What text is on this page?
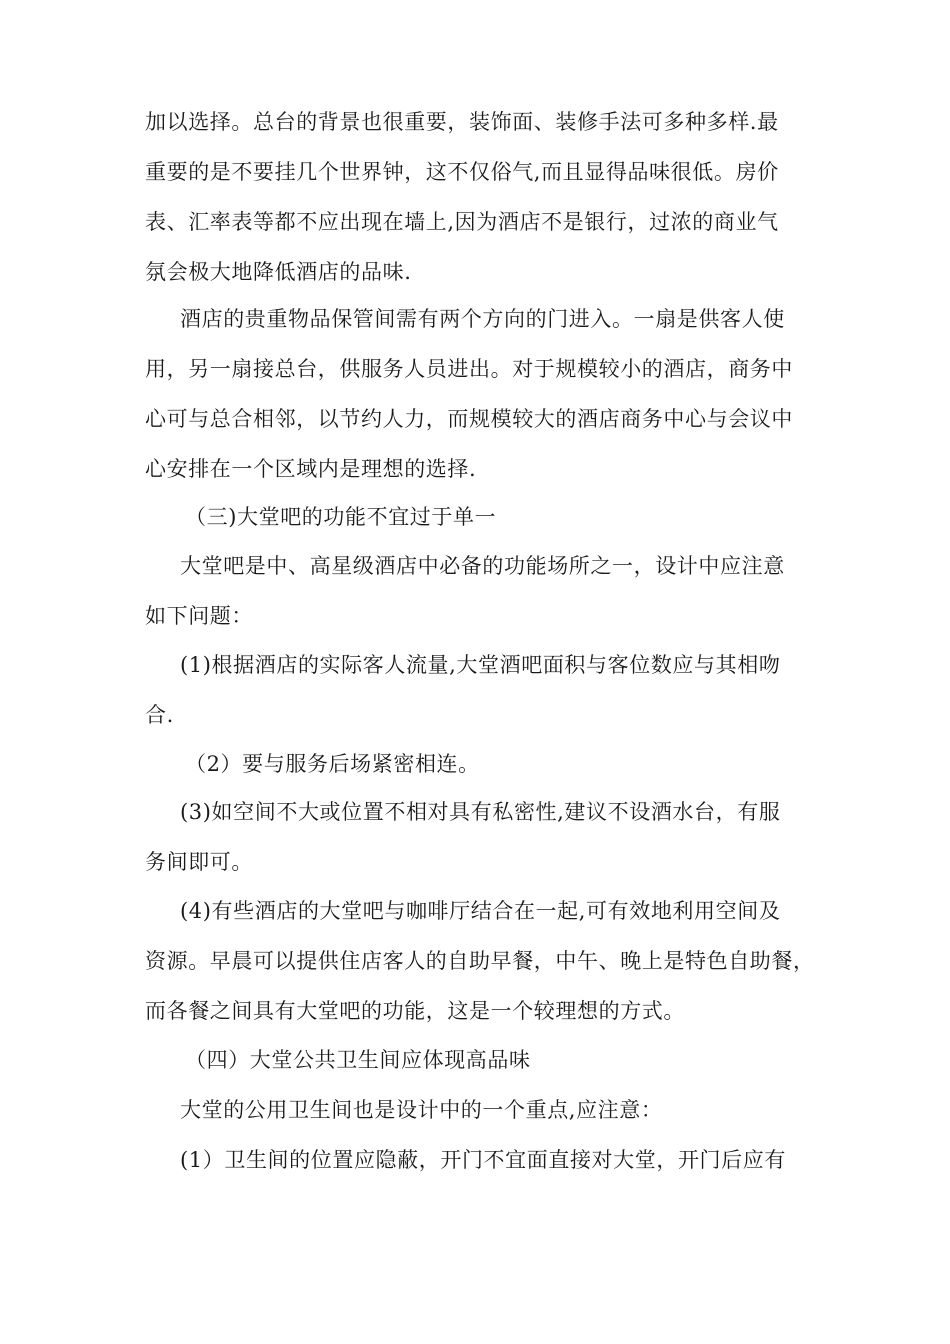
加以选择。总台的背景也很重要，装饰面、装修手法可多种多样.最
重要的是不要挂几个世界钟，这不仅俗气,而且显得品味很低。房价
表、汇率表等都不应出现在墙上,因为酒店不是银行，过浓的商业气
氛会极大地降低酒店的品味.
酒店的贵重物品保管间需有两个方向的门进入。一扇是供客人使
用，另一扇接总台，供服务人员进出。对于规模较小的酒店，商务中
心可与总合相邻，以节约人力，而规模较大的酒店商务中心与会议中
心安排在一个区域内是理想的选择.
（三)大堂吧的功能不宜过于单一
大堂吧是中、高星级酒店中必备的功能场所之一，设计中应注意
如下问题：
(1)根据酒店的实际客人流量,大堂酒吧面积与客位数应与其相吻
合.
（2）要与服务后场紧密相连。
(3)如空间不大或位置不相对具有私密性,建议不设酒水台，有服
务间即可。
(4)有些酒店的大堂吧与咖啡厅结合在一起,可有效地利用空间及
资源。早晨可以提供住店客人的自助早餐，中午、晚上是特色自助餐，
而各餐之间具有大堂吧的功能，这是一个较理想的方式。
（四）大堂公共卫生间应体现高品味
大堂的公用卫生间也是设计中的一个重点,应注意：
(1）卫生间的位置应隐蔽，开门不宜面直接对大堂，开门后应有
